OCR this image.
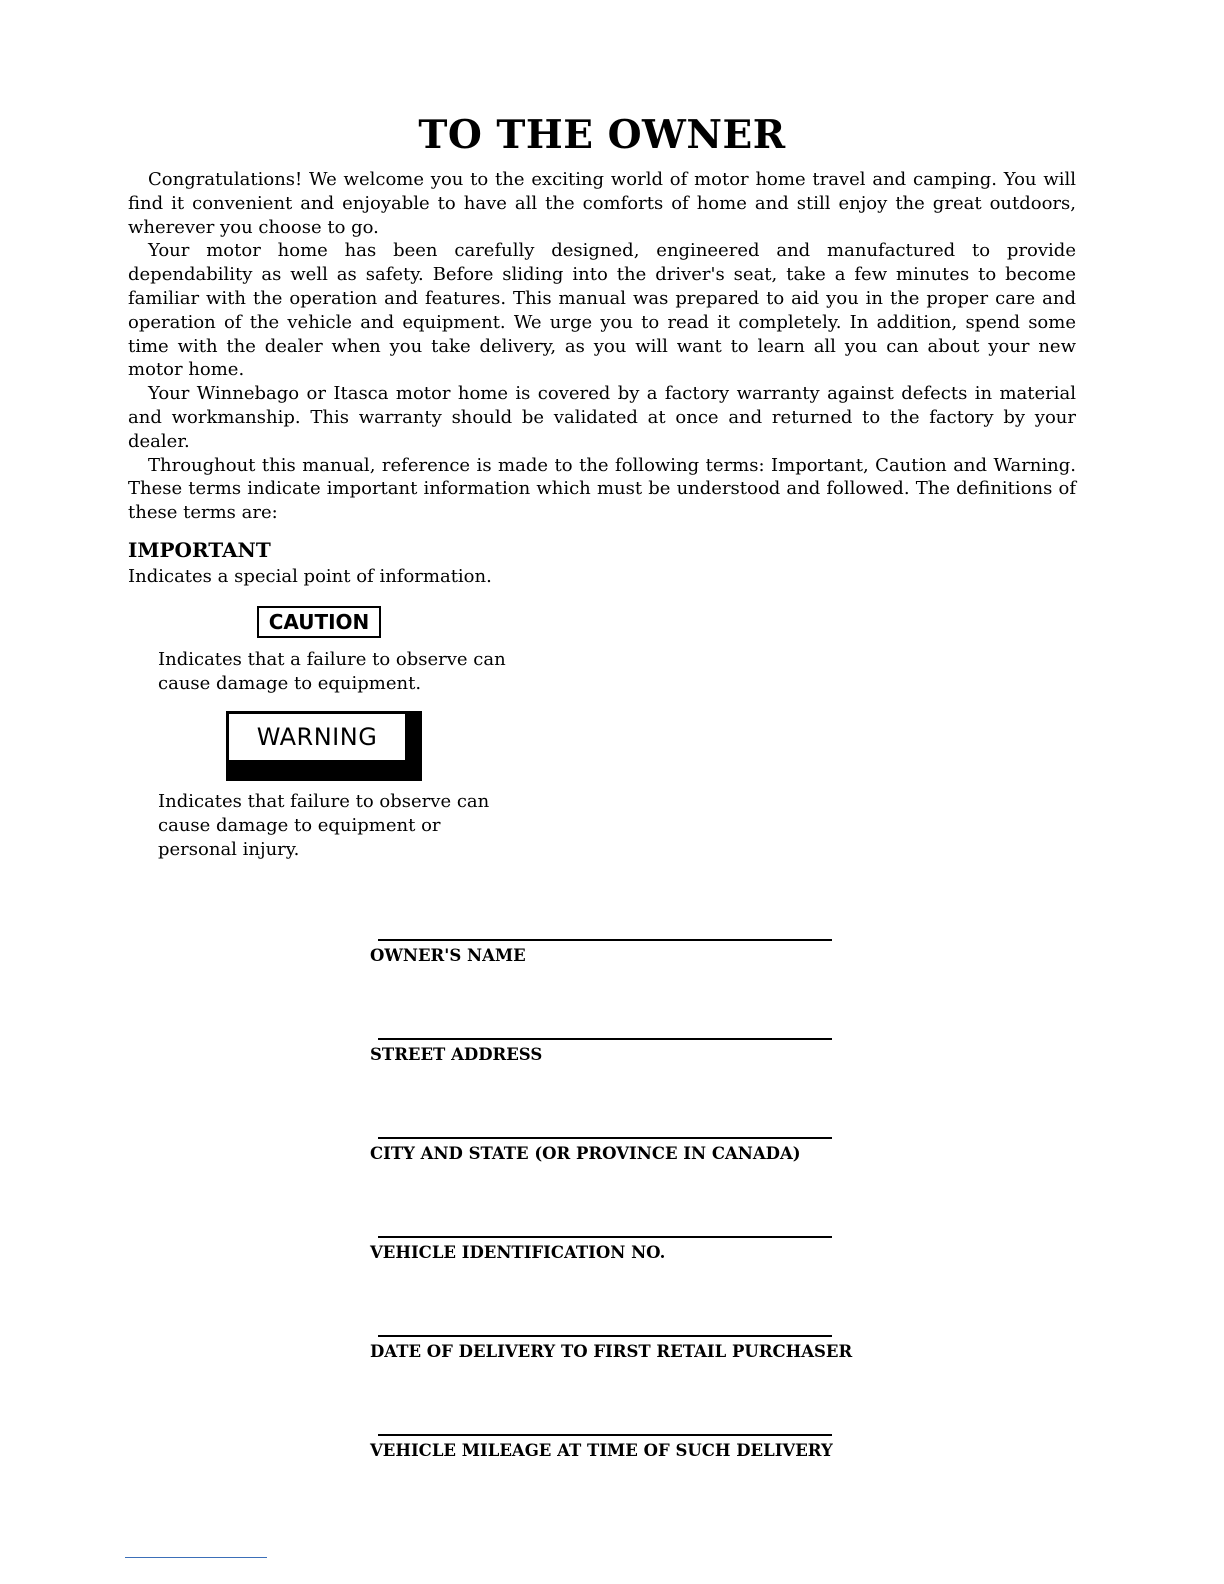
TO THE OWNER

Congratulations! We welcome you to the exciting world of motor home travel and camping. You will find it convenient and enjoyable to have all the comforts of home and still enjoy the great outdoors, wherever you choose to go.

Your motor home has been carefully designed, engineered and manufactured to provide dependability as well as safety. Before sliding into the driver's seat, take a few minutes to become familiar with the operation and features. This manual was prepared to aid you in the proper care and operation of the vehicle and equipment. We urge you to read it completely. In addition, spend some time with the dealer when you take delivery, as you will want to learn all you can about your new motor home.

Your Winnebago or Itasca motor home is covered by a factory warranty against defects in material and workmanship. This warranty should be validated at once and returned to the factory by your dealer.

Throughout this manual, reference is made to the following terms: Important, Caution and Warning. These terms indicate important information which must be understood and followed. The definitions of these terms are:

IMPORTANT

Indicates a special point of information.

CAUTION

Indicates that a failure to observe can cause damage to equipment.

WARNING

Indicates that failure to observe can cause damage to equipment or personal injury.

OWNER'S NAME
STREET ADDRESS
CITY AND STATE (OR PROVINCE IN CANADA)
VEHICLE IDENTIFICATION NO.
DATE OF DELIVERY TO FIRST RETAIL PURCHASER
VEHICLE MILEAGE AT TIME OF SUCH DELIVERY
